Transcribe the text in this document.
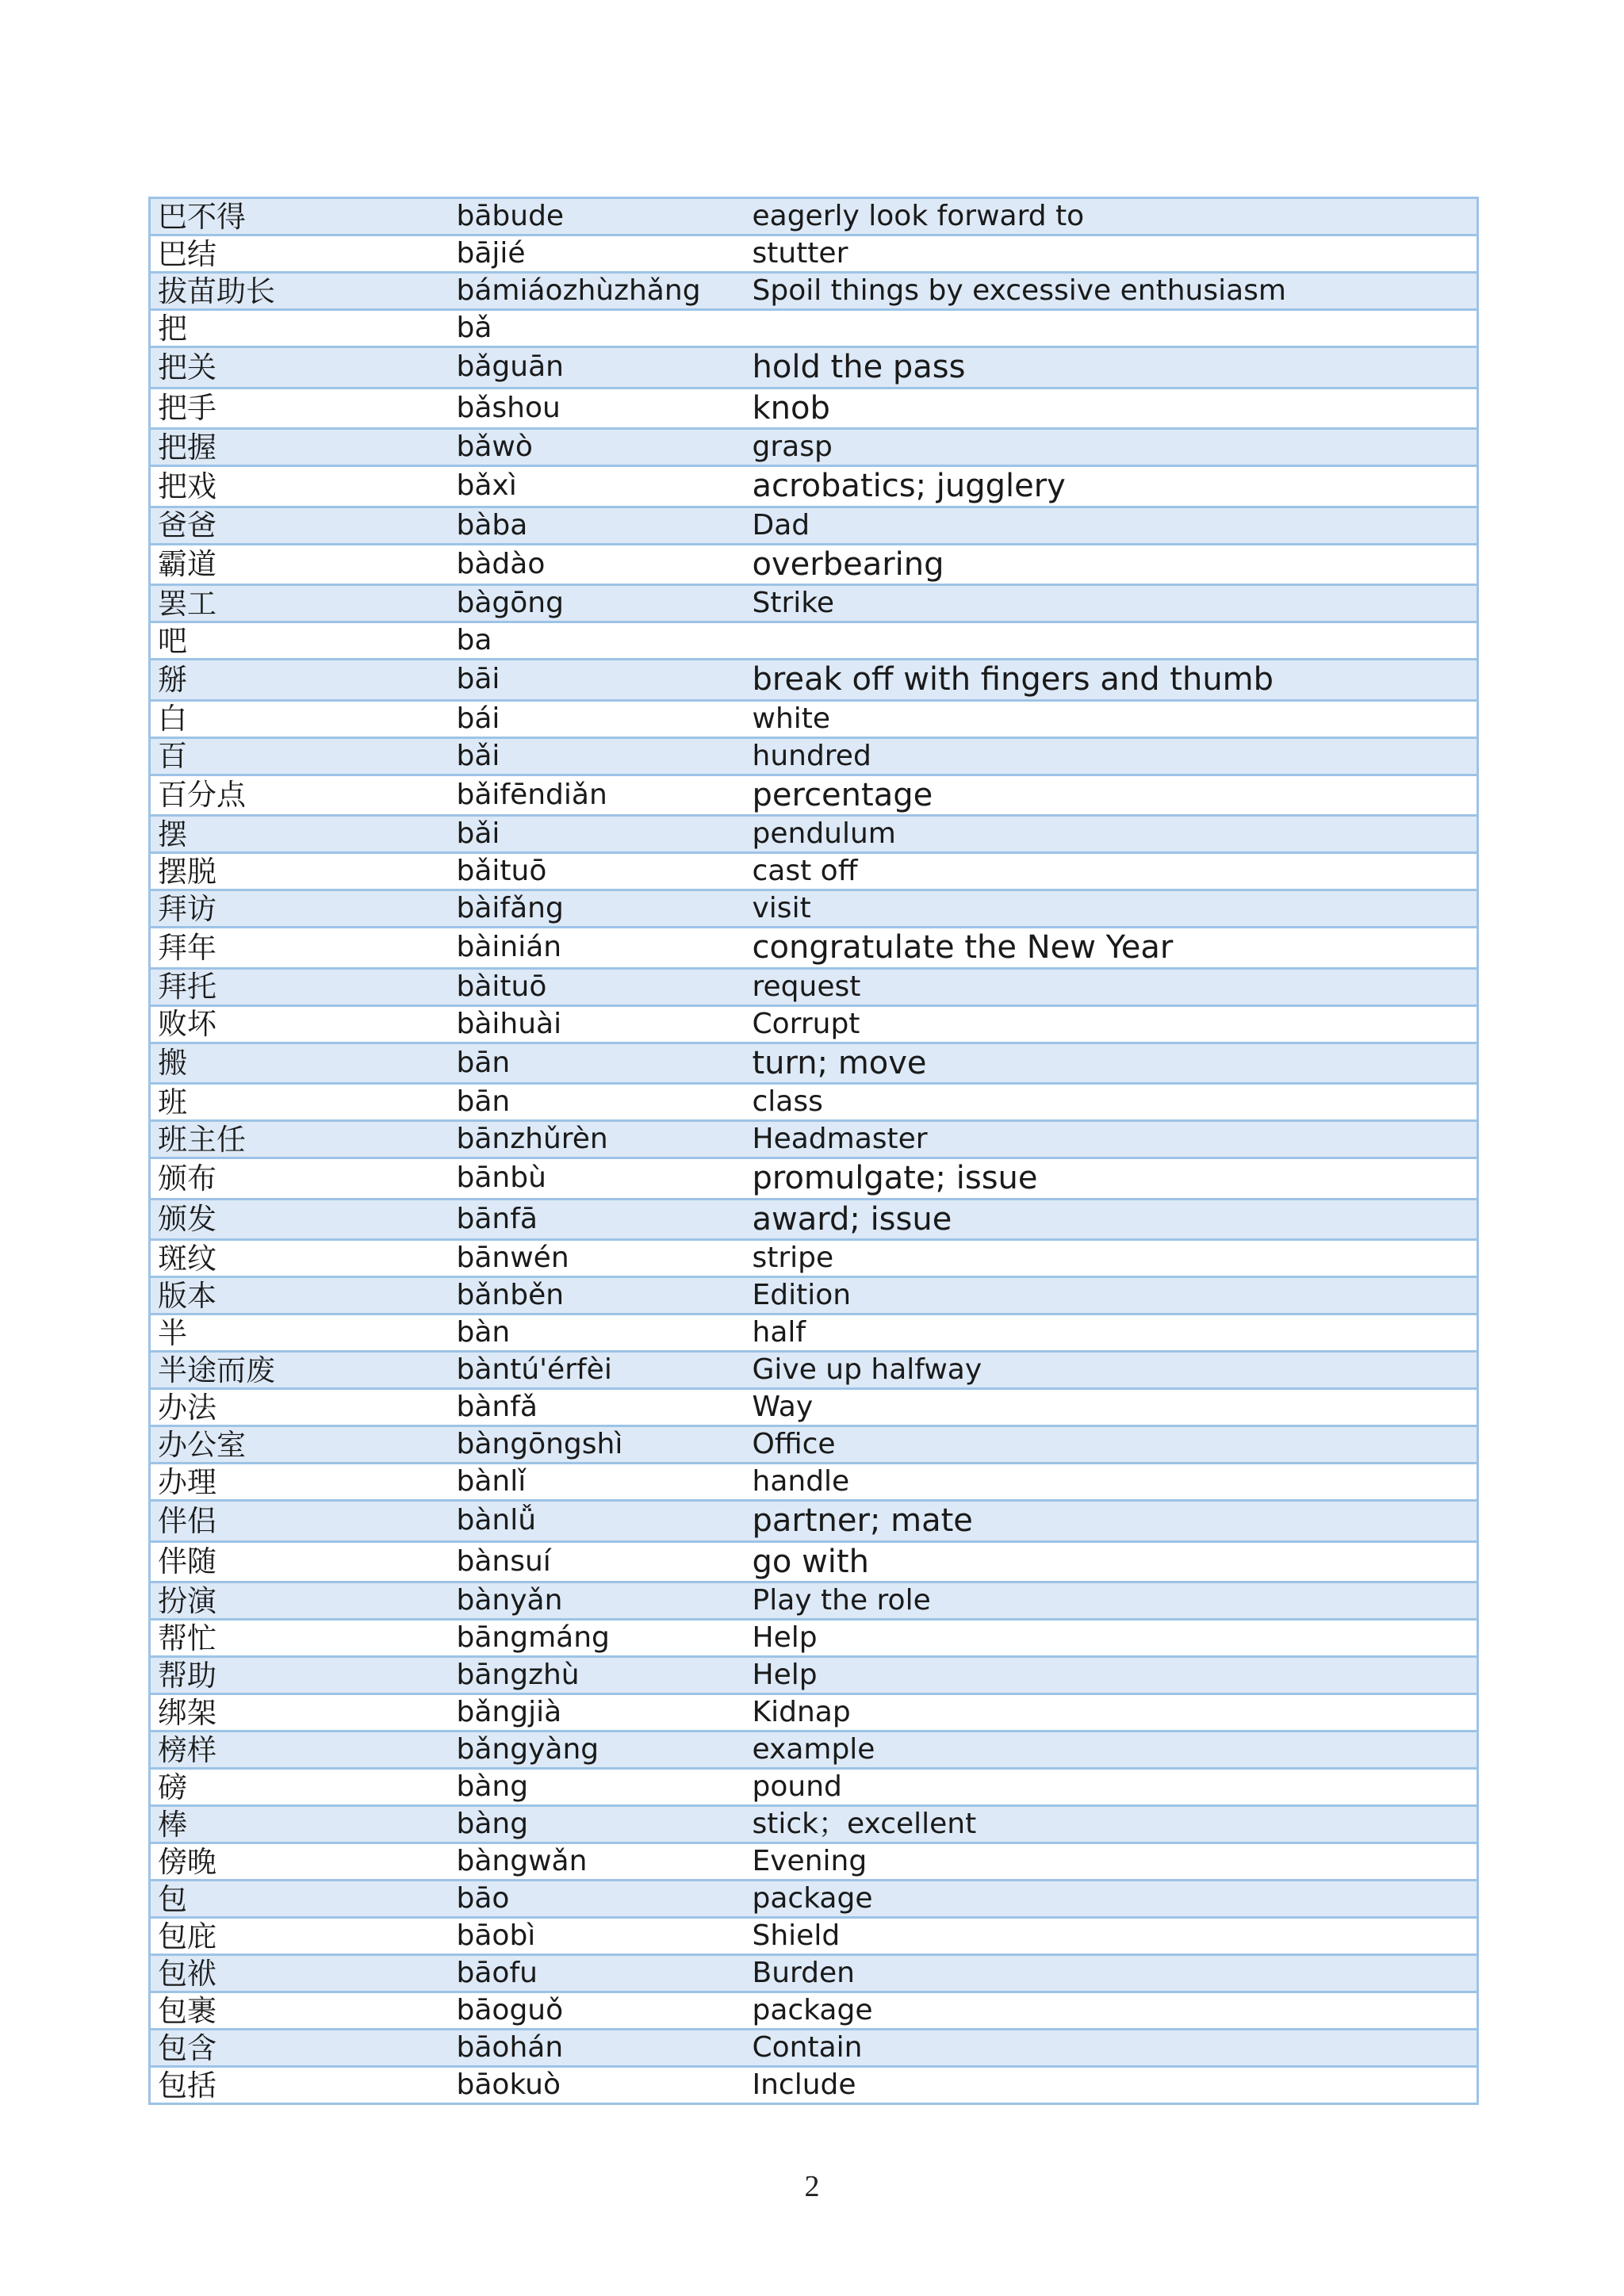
巴不得	bābude	eagerly look forward to
巴结	bājié	stutter
拔苗助长	bámiáozhùzhǎng	Spoil things by excessive enthusiasm
把	bǎ	
把关	bǎguān	hold the pass
把手	bǎshou	knob
把握	bǎwò	grasp
把戏	bǎxì	acrobatics; jugglery
爸爸	bàba	Dad
霸道	bàdào	overbearing
罢工	bàgōng	Strike
吧	ba	
掰	bāi	break off with fingers and thumb
白	bái	white
百	bǎi	hundred
百分点	bǎifēndiǎn	percentage
摆	bǎi	pendulum
摆脱	bǎituō	cast off
拜访	bàifǎng	visit
拜年	bàinián	congratulate the New Year
拜托	bàituō	request
败坏	bàihuài	Corrupt
搬	bān	turn; move
班	bān	class
班主任	bānzhǔrèn	Headmaster
颁布	bānbù	promulgate; issue
颁发	bānfā	award; issue
斑纹	bānwén	stripe
版本	bǎnběn	Edition
半	bàn	half
半途而废	bàntú'érfèi	Give up halfway
办法	bànfǎ	Way
办公室	bàngōngshì	Office
办理	bànlǐ	handle
伴侣	bànlǚ	partner; mate
伴随	bànsuí	go with
扮演	bànyǎn	Play the role
帮忙	bāngmáng	Help
帮助	bāngzhù	Help
绑架	bǎngjià	Kidnap
榜样	bǎngyàng	example
磅	bàng	pound
棒	bàng	stick；excellent
傍晚	bàngwǎn	Evening
包	bāo	package
包庇	bāobì	Shield
包袱	bāofu	Burden
包裹	bāoguǒ	package
包含	bāohán	Contain
包括	bāokuò	Include
2
